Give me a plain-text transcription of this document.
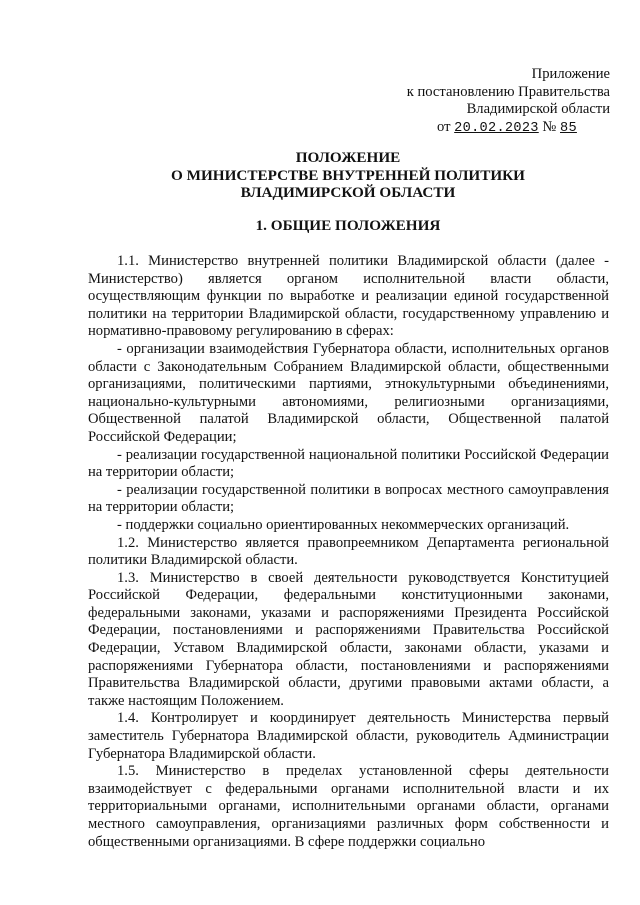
Приложение
к постановлению Правительства
Владимирской области
от 20.02.2023 № 85
ПОЛОЖЕНИЕ
О МИНИСТЕРСТВЕ ВНУТРЕННЕЙ ПОЛИТИКИ
ВЛАДИМИРСКОЙ ОБЛАСТИ
1. ОБЩИЕ ПОЛОЖЕНИЯ

1.1. Министерство внутренней политики Владимирской области (далее - Министерство) является органом исполнительной власти области, осуществляющим функции по выработке и реализации единой государственной политики на территории Владимирской области, государственному управлению и нормативно-правовому регулированию в сферах:

- организации взаимодействия Губернатора области, исполнительных органов области с Законодательным Собранием Владимирской области, общественными организациями, политическими партиями, этнокультурными объединениями, национально-культурными автономиями, религиозными организациями, Общественной палатой Владимирской области, Общественной палатой Российской Федерации;

- реализации государственной национальной политики Российской Федерации на территории области;

- реализации государственной политики в вопросах местного самоуправления на территории области;

- поддержки социально ориентированных некоммерческих организаций.

1.2. Министерство является правопреемником Департамента региональной политики Владимирской области.

1.3. Министерство в своей деятельности руководствуется Конституцией Российской Федерации, федеральными конституционными законами, федеральными законами, указами и распоряжениями Президента Российской Федерации, постановлениями и распоряжениями Правительства Российской Федерации, Уставом Владимирской области, законами области, указами и распоряжениями Губернатора области, постановлениями и распоряжениями Правительства Владимирской области, другими правовыми актами области, а также настоящим Положением.

1.4. Контролирует и координирует деятельность Министерства первый заместитель Губернатора Владимирской области, руководитель Администрации Губернатора Владимирской области.

1.5. Министерство в пределах установленной сферы деятельности взаимодействует с федеральными органами исполнительной власти и их территориальными органами, исполнительными органами области, органами местного самоуправления, организациями различных форм собственности и общественными организациями. В сфере поддержки социально
